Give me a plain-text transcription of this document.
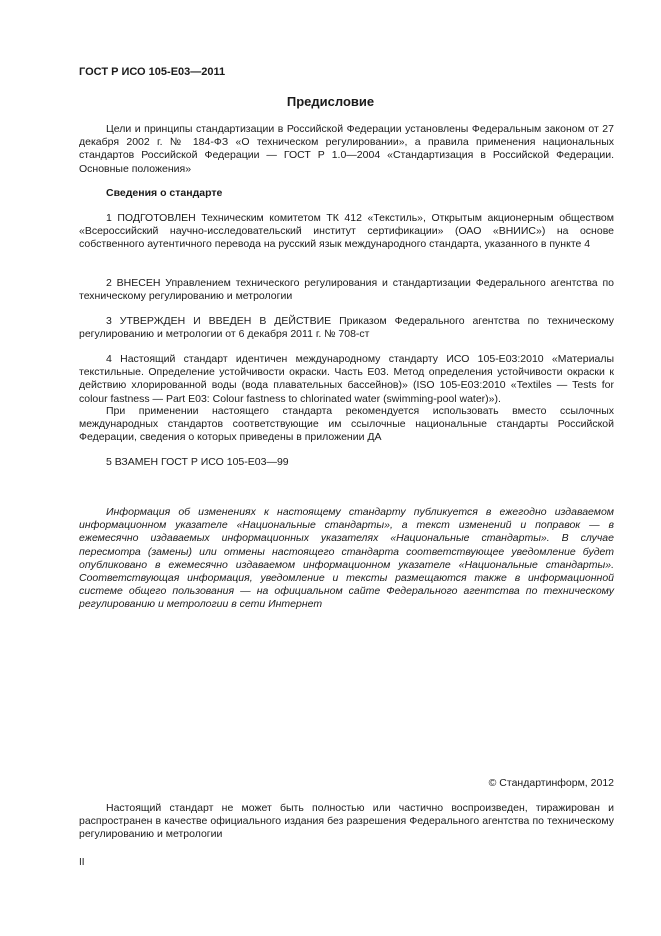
ГОСТ Р ИСО 105-E03—2011
Предисловие

Цели и принципы стандартизации в Российской Федерации установлены Федеральным законом от 27 декабря 2002 г. № 184-ФЗ «О техническом регулировании», а правила применения национальных стандартов Российской Федерации — ГОСТ Р 1.0—2004 «Стандартизация в Российской Федерации. Основные положения»

Сведения о стандарте

1 ПОДГОТОВЛЕН Техническим комитетом ТК 412 «Текстиль», Открытым акционерным обществом «Всероссийский научно-исследовательский институт сертификации» (ОАО «ВНИИС») на основе собственного аутентичного перевода на русский язык международного стандарта, указанного в пункте 4

2 ВНЕСЕН Управлением технического регулирования и стандартизации Федерального агентства по техническому регулированию и метрологии

3 УТВЕРЖДЕН И ВВЕДЕН В ДЕЙСТВИЕ Приказом Федерального агентства по техническому регулированию и метрологии от 6 декабря 2011 г. № 708-ст

4 Настоящий стандарт идентичен международному стандарту ИСО 105-E03:2010 «Материалы текстильные. Определение устойчивости окраски. Часть E03. Метод определения устойчивости окраски к действию хлорированной воды (вода плавательных бассейнов)» (ISO 105-E03:2010 «Textiles — Tests for colour fastness — Part E03: Colour fastness to chlorinated water (swimming-pool water)»).

При применении настоящего стандарта рекомендуется использовать вместо ссылочных международных стандартов соответствующие им ссылочные национальные стандарты Российской Федерации, сведения о которых приведены в приложении ДА

5 ВЗАМЕН ГОСТ Р ИСО 105-E03—99

Информация об изменениях к настоящему стандарту публикуется в ежегодно издаваемом информационном указателе «Национальные стандарты», а текст изменений и поправок — в ежемесячно издаваемых информационных указателях «Национальные стандарты». В случае пересмотра (замены) или отмены настоящего стандарта соответствующее уведомление будет опубликовано в ежемесячно издаваемом информационном указателе «Национальные стандарты». Соответствующая информация, уведомление и тексты размещаются также в информационной системе общего пользования — на официальном сайте Федерального агентства по техническому регулированию и метрологии в сети Интернет

© Стандартинформ, 2012

Настоящий стандарт не может быть полностью или частично воспроизведен, тиражирован и распространен в качестве официального издания без разрешения Федерального агентства по техническому регулированию и метрологии

II
